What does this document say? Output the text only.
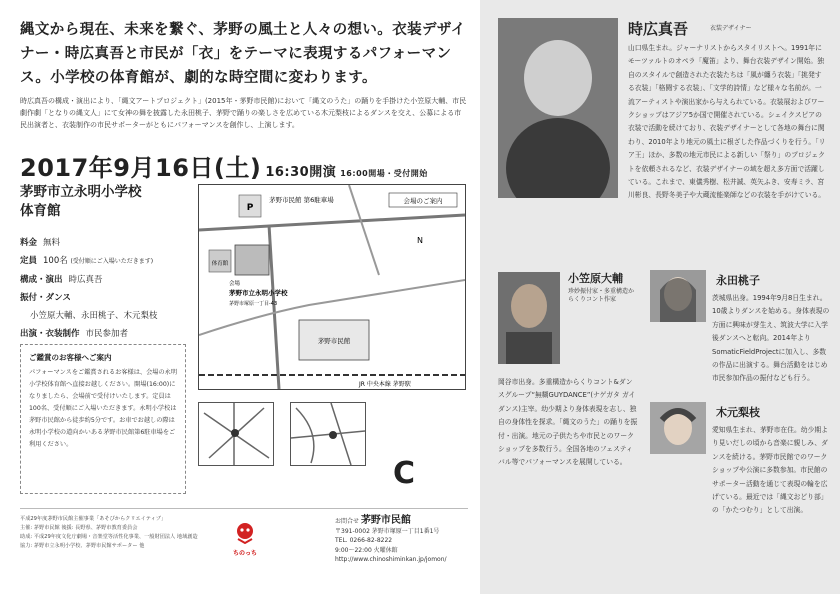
縄文から現在、未来を繋ぐ、茅野の風土と人々の想い。衣装デザイナー・時広真吾と市民が「衣」をテーマに表現するパフォーマンス。小学校の体育館が、劇的な時空間に変わります。
時広真吾の構成・演出により、「縄文アートプロジェクト」(2015年・茅野市民館)において「縄文のうた」の踊りを手掛けた小笠原大輔、市民劇作劇「となりの縄文人」にて女神の舞を披露した永田桃子、茅野で踊りの楽しさを広めている木元梨枝によるダンスを交え、公募による市民出演者と、衣装制作の市民サポーターがともにパフォーマンスを創作し、上演します。
2017年9月16日(土) 16:30開演 16:00開場・受付開始
茅野市立永明小学校
体育館
料金 無料
定員 100名 (受付順にご入場いただきます)
構成・演出 時広真吾
振付・ダンス
小笠原大輔、永田桃子、木元梨枝
出演・衣装制作 市民参加者
ご鑑賞のお客様へご案内

パフォーマンスをご鑑賞されるお客様は、会場の永明小学校体育館へ直接お越しください。開場(16:00)になりましたら、会場前で受付けいたします。定員は100名、受付順にご入場いただきます。永明小学校は茅野市民館から徒歩約5分です。お車でお越しの際は永明小学校の道向かいある茅野市民館第6駐車場をご利用ください。

P
茅野市民館 第6駐車場	会場のご案内
体育館
会場
茅野市立永明小学校
茅野市塚原一丁目-43
茅野市民館
JR 中央本線 茅野駅
N
C
平成29年度茅野市民館主催事業「あそびからクリエイティブ」
主催: 茅野市民館 後援: 長野県、茅野市教育委員会
助成: 平成29年度文化庁劇場・音楽堂等活性化事業、一般財団法人 地域創造
協力: 茅野市立永明小学校、茅野市民館サポーター 他
ちのっち
お問合せ 茅野市民館
〒391-0002 茅野市塚原一丁目1番1号
TEL. 0266-82-8222
9:00〜22:00 火曜休館
http://www.chinoshiminkan.jp/jomon/
時広真吾	衣装デザイナー
山口県生まれ。ジャーナリストからスタイリストへ。1991年にモーツァルトのオペラ「魔笛」より、舞台衣装デザイン開始。独自のスタイルで創造された衣装たちは「風が纏う衣装」「挑発する衣装」「格闘する衣装」、「文学的詩情」など様々な名前が。一流アーティストや演出家から与えられている。衣装展およびワークショップはアジア5か国で開催されている。シェイクスピアの衣装で活動を続けており、衣装デザイナーとして各地の舞台に関わり、2010年より地元の風土に根ざした作品づくりを行う。「リア王」ほか、多数の地元市民による新しい「祭り」のプロジェクトを依頼されるなど、衣装デザイナーの域を超え多方面で活躍している。これまで、東儀秀樹、松井誠、英矢ふき、安寿ミラ、宮川彬良、長野冬美子や大蔵流能楽師などの衣装を手がけている。
小笠原大輔
珍妙振付家・多重構造からくりコント作家
岡谷市出身。多重構造からくりコント&ダンスグループ“無糊GUYDANCE”(ナゲガタ ガイダンス)主宰。幼少期より身体表現を志し、独自の身体性を探求。「縄文のうた」の踊りを振付・出演。地元の子供たちや市民とのワークショップを多数行う。全国各地のフェスティバル等でパフォーマンスを展開している。
永田桃子
茨城県出身。1994年9月8日生まれ。10歳よりダンスを始める。身体表現の方面に興味が芽生え、筑波大学に入学後ダンスへと転向。2014年よりSomaticFieldProjectに加入し、多数の作品に出演する。舞台活動をはじめ市民参加作品の振付なども行う。
木元梨枝
愛知県生まれ、茅野市在住。幼少期より見いだしの頃から音楽に親しみ、ダンスを続ける。茅野市民館でのワークショップや公演に多数参加。市民館のサポーター活動を通じて表現の輪を広げている。最近では「縄文おどり部」の「かたつむり」として出演。
